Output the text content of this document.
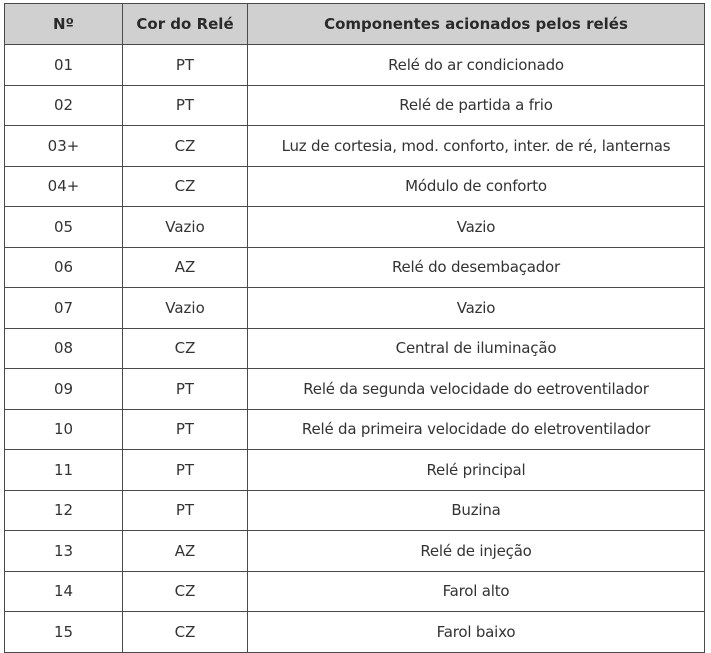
Nº	Cor do Relé	Componentes acionados pelos relés
01	PT	Relé do ar condicionado
02	PT	Relé de partida a frio
03+	CZ	Luz de cortesia, mod. conforto, inter. de ré, lanternas
04+	CZ	Módulo de conforto
05	Vazio	Vazio
06	AZ	Relé do desembaçador
07	Vazio	Vazio
08	CZ	Central de iluminação
09	PT	Relé da segunda velocidade do eetroventilador
10	PT	Relé da primeira velocidade do eletroventilador
11	PT	Relé principal
12	PT	Buzina
13	AZ	Relé de injeção
14	CZ	Farol alto
15	CZ	Farol baixo
